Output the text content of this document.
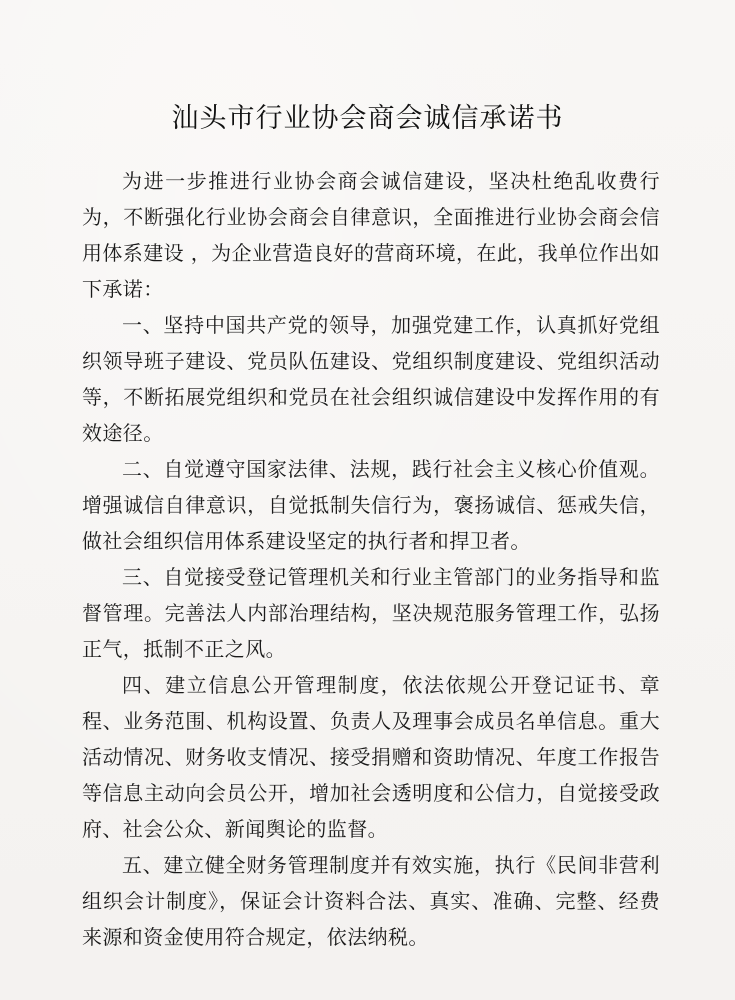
汕头市行业协会商会诚信承诺书

为进一步推进行业协会商会诚信建设，坚决杜绝乱收费行为，不断强化行业协会商会自律意识，全面推进行业协会商会信用体系建设 ，为企业营造良好的营商环境，在此，我单位作出如下承诺：

一、坚持中国共产党的领导，加强党建工作，认真抓好党组织领导班子建设、党员队伍建设、党组织制度建设、党组织活动等，不断拓展党组织和党员在社会组织诚信建设中发挥作用的有效途径。

二、自觉遵守国家法律、法规，践行社会主义核心价值观。增强诚信自律意识，自觉抵制失信行为，褒扬诚信、惩戒失信，做社会组织信用体系建设坚定的执行者和捍卫者。

三、自觉接受登记管理机关和行业主管部门的业务指导和监督管理。完善法人内部治理结构，坚决规范服务管理工作，弘扬正气，抵制不正之风。

四、建立信息公开管理制度，依法依规公开登记证书、章程、业务范围、机构设置、负责人及理事会成员名单信息。重大活动情况、财务收支情况、接受捐赠和资助情况、年度工作报告等信息主动向会员公开，增加社会透明度和公信力，自觉接受政府、社会公众、新闻舆论的监督。

五、建立健全财务管理制度并有效实施，执行《民间非营利组织会计制度》，保证会计资料合法、真实、准确、完整、经费来源和资金使用符合规定，依法纳税。
